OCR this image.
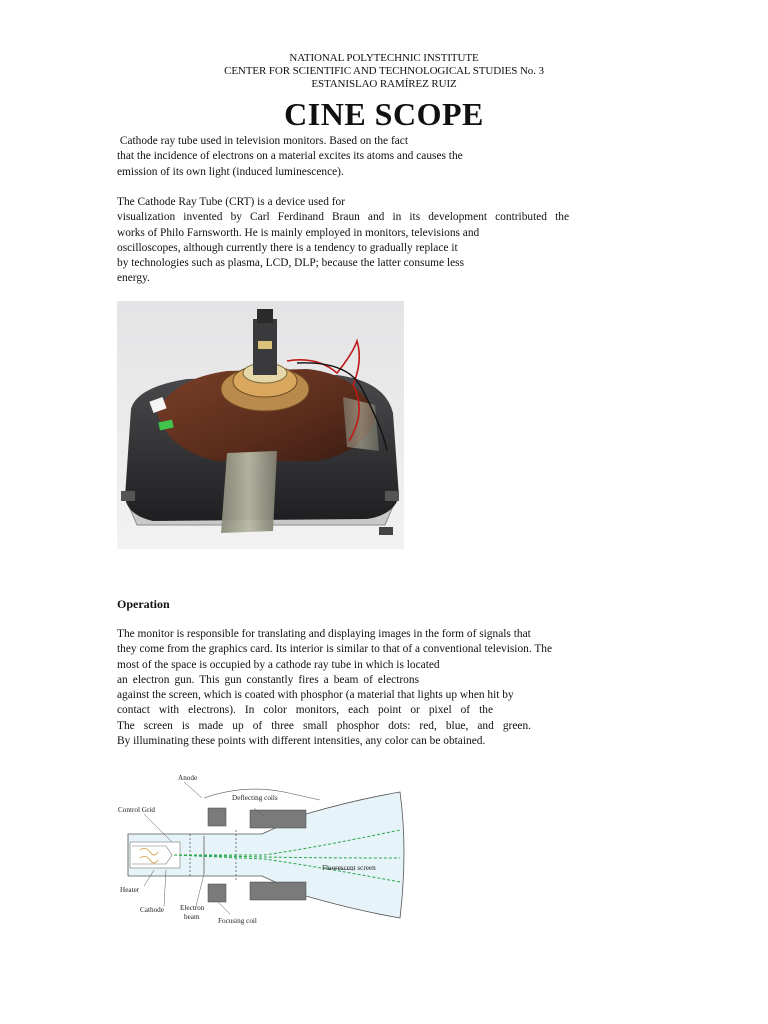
NATIONAL POLYTECHNIC INSTITUTE
CENTER FOR SCIENTIFIC AND TECHNOLOGICAL STUDIES No. 3
ESTANISLAO RAMÍREZ RUIZ
CINE SCOPE
Cathode ray tube used in television monitors. Based on the fact
that the incidence of electrons on a material excites its atoms and causes the
emission of its own light (induced luminescence).
The Cathode Ray Tube (CRT) is a device used for
visualization invented by Carl Ferdinand Braun and in its development contributed the
works of Philo Farnsworth. He is mainly employed in monitors, televisions and
oscilloscopes, although currently there is a tendency to gradually replace it
by technologies such as plasma, LCD, DLP; because the latter consume less
energy.
Operation
The monitor is responsible for translating and displaying images in the form of signals that
they come from the graphics card. Its interior is similar to that of a conventional television. The
most of the space is occupied by a cathode ray tube in which is located
an electron gun. This gun constantly fires a beam of electrons
against the screen, which is coated with phosphor (a material that lights up when hit by
contact with electrons). In color monitors, each point or pixel of the
The screen is made up of three small phosphor dots: red, blue, and green.
By illuminating these points with different intensities, any color can be obtained.
Anode
Deflecting coils
Control Grid
Fluorescent screen
Heater
Cathode Electron
beam	Focusing coil
